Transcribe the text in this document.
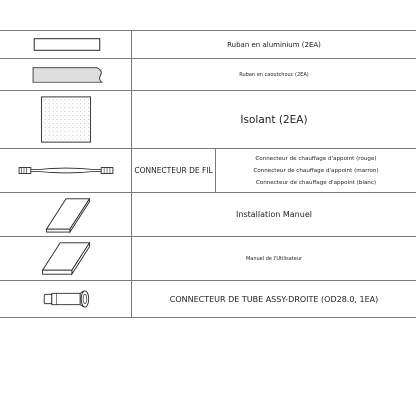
Ruban en aluminium (2EA)
Ruban en caoutchouc (2EA)
Isolant (2EA)
CONNECTEUR DE FIL
Connecteur de chauffage d'appoint (rouge)
Connecteur de chauffage d'appoint (marron)
Connecteur de chauffage d'appoint (blanc)
Installation Manuel
Manuel de l'Utilisateur
CONNECTEUR DE TUBE ASSY-DROITE (OD28.0, 1EA)
